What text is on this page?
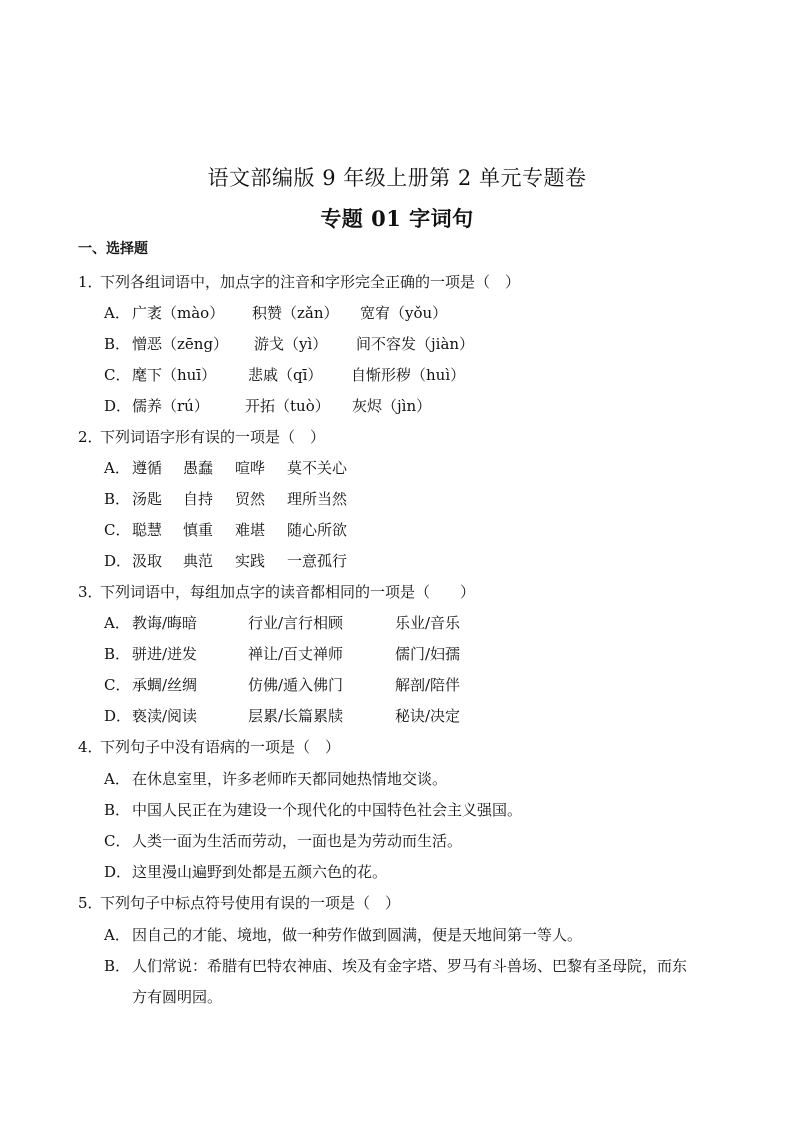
语文部编版 9 年级上册第 2 单元专题卷
专题 01 字词句
一、选择题
1．下列各组词语中，加点字的注音和字形完全正确的一项是（　）
A． 广袤（mào） 积赞（zǎn） 宽宥（yǒu）
B． 憎恶（zēng） 游戈（yì） 间不容发（jiàn）
C． 麾下（huī） 悲戚（qī） 自惭形秽（huì）
D． 儒养（rú） 开拓（tuò） 灰烬（jìn）
2．下列词语字形有误的一项是（　）
A． 遵循 愚蠢 喧哗 莫不关心
B． 汤匙 自持 贸然 理所当然
C． 聪慧 慎重 难堪 随心所欲
D． 汲取 典范 实践 一意孤行
3．下列词语中，每组加点字的读音都相同的一项是（　　）
A． 教诲/晦暗	行业/言行相顾	乐业/音乐
B． 骈进/迸发	禅让/百丈禅师	儒门/妇孺
C． 承蜩/丝绸	仿佛/遁入佛门	解剖/陪伴
D． 亵渎/阅读	层累/长篇累牍	秘诀/决定
4．下列句子中没有语病的一项是（　）
A． 在休息室里，许多老师昨天都同她热情地交谈。
B． 中国人民正在为建设一个现代化的中国特色社会主义强国。
C． 人类一面为生活而劳动，一面也是为劳动而生活。
D．这里漫山遍野到处都是五颜六色的花。
5．下列句子中标点符号使用有误的一项是（　）
A． 因自己的才能、境地，做一种劳作做到圆满，便是天地间第一等人。
B． 人们常说：希腊有巴特农神庙、埃及有金字塔、罗马有斗兽场、巴黎有圣母院，而东
方有圆明园。
